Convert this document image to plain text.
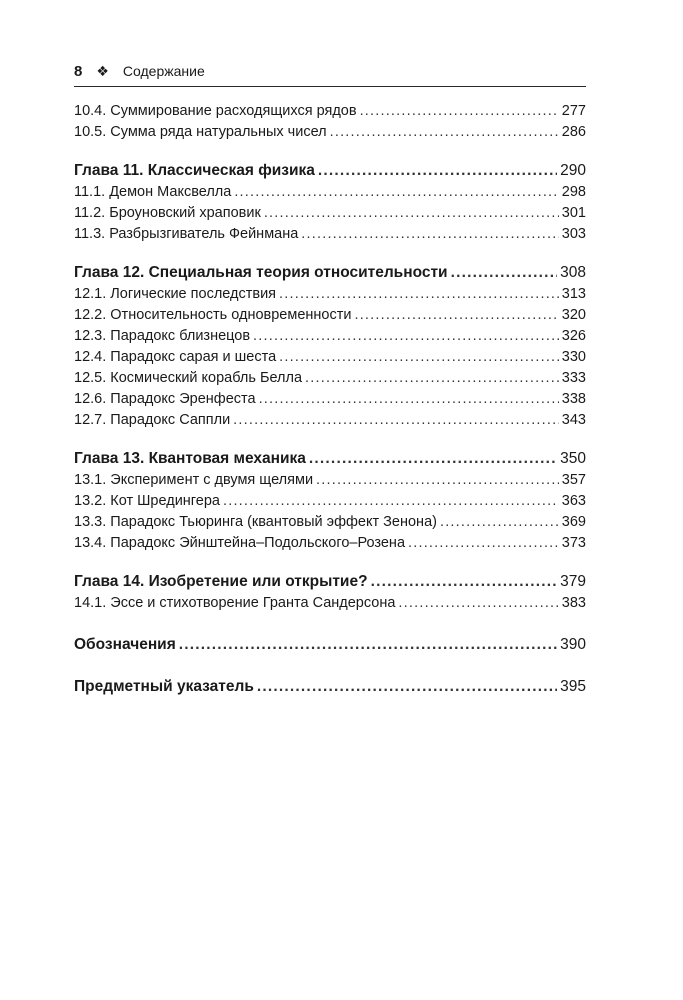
8 ❖ Содержание
10.4. Суммирование расходящихся рядов .....	277
10.5. Сумма ряда натуральных чисел .....	286
Глава 11. Классическая физика .....	290
11.1. Демон Максвелла .....	298
11.2. Броуновский храповик .....	301
11.3. Разбрызгиватель Фейнмана .....	303
Глава 12. Специальная теория относительности .....	308
12.1. Логические последствия .....	313
12.2. Относительность одновременности .....	320
12.3. Парадокс близнецов .....	326
12.4. Парадокс сарая и шеста .....	330
12.5. Космический корабль Белла .....	333
12.6. Парадокс Эренфеста .....	338
12.7. Парадокс Саппли .....	343
Глава 13. Квантовая механика .....	350
13.1. Эксперимент с двумя щелями .....	357
13.2. Кот Шредингера .....	363
13.3. Парадокс Тьюринга (квантовый эффект Зенона) .....	369
13.4. Парадокс Эйнштейна–Подольского–Розена .....	373
Глава 14. Изобретение или открытие? .....	379
14.1. Эссе и стихотворение Гранта Сандерсона .....	383
Обозначения .....	390
Предметный указатель .....	395
